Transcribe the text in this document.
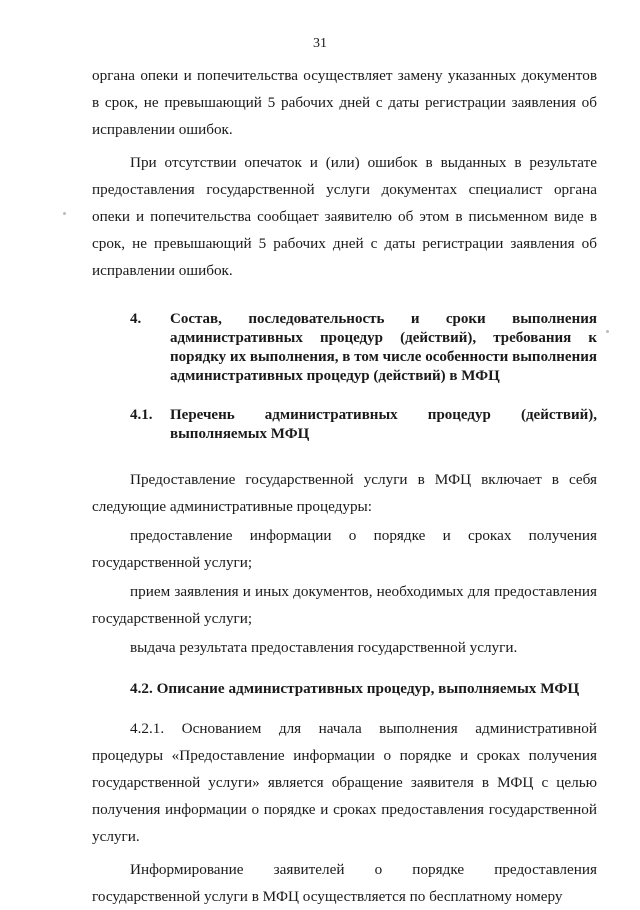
31

органа опеки и попечительства осуществляет замену указанных документов в срок, не превышающий 5 рабочих дней с даты регистрации заявления об исправлении ошибок.

При отсутствии опечаток и (или) ошибок в выданных в результате предоставления государственной услуги документах специалист органа опеки и попечительства сообщает заявителю об этом в письменном виде в срок, не превышающий 5 рабочих дней с даты регистрации заявления об исправлении ошибок.

4.	Состав, последовательность и сроки выполнения административных процедур (действий), требования к порядку их выполнения, в том числе особенности выполнения административных процедур (действий) в МФЦ
4.1.	Перечень административных процедур (действий), выполняемых МФЦ

Предоставление государственной услуги в МФЦ включает в себя следующие административные процедуры:

предоставление информации о порядке и сроках получения государственной услуги;

прием заявления и иных документов, необходимых для предоставления государственной услуги;

выдача результата предоставления государственной услуги.

4.2. Описание административных процедур, выполняемых МФЦ

4.2.1. Основанием для начала выполнения административной процедуры «Предоставление информации о порядке и сроках получения государственной услуги» является обращение заявителя в МФЦ с целью получения информации о порядке и сроках предоставления государственной услуги.

Информирование заявителей о порядке предоставления государственной услуги в МФЦ осуществляется по бесплатному номеру
